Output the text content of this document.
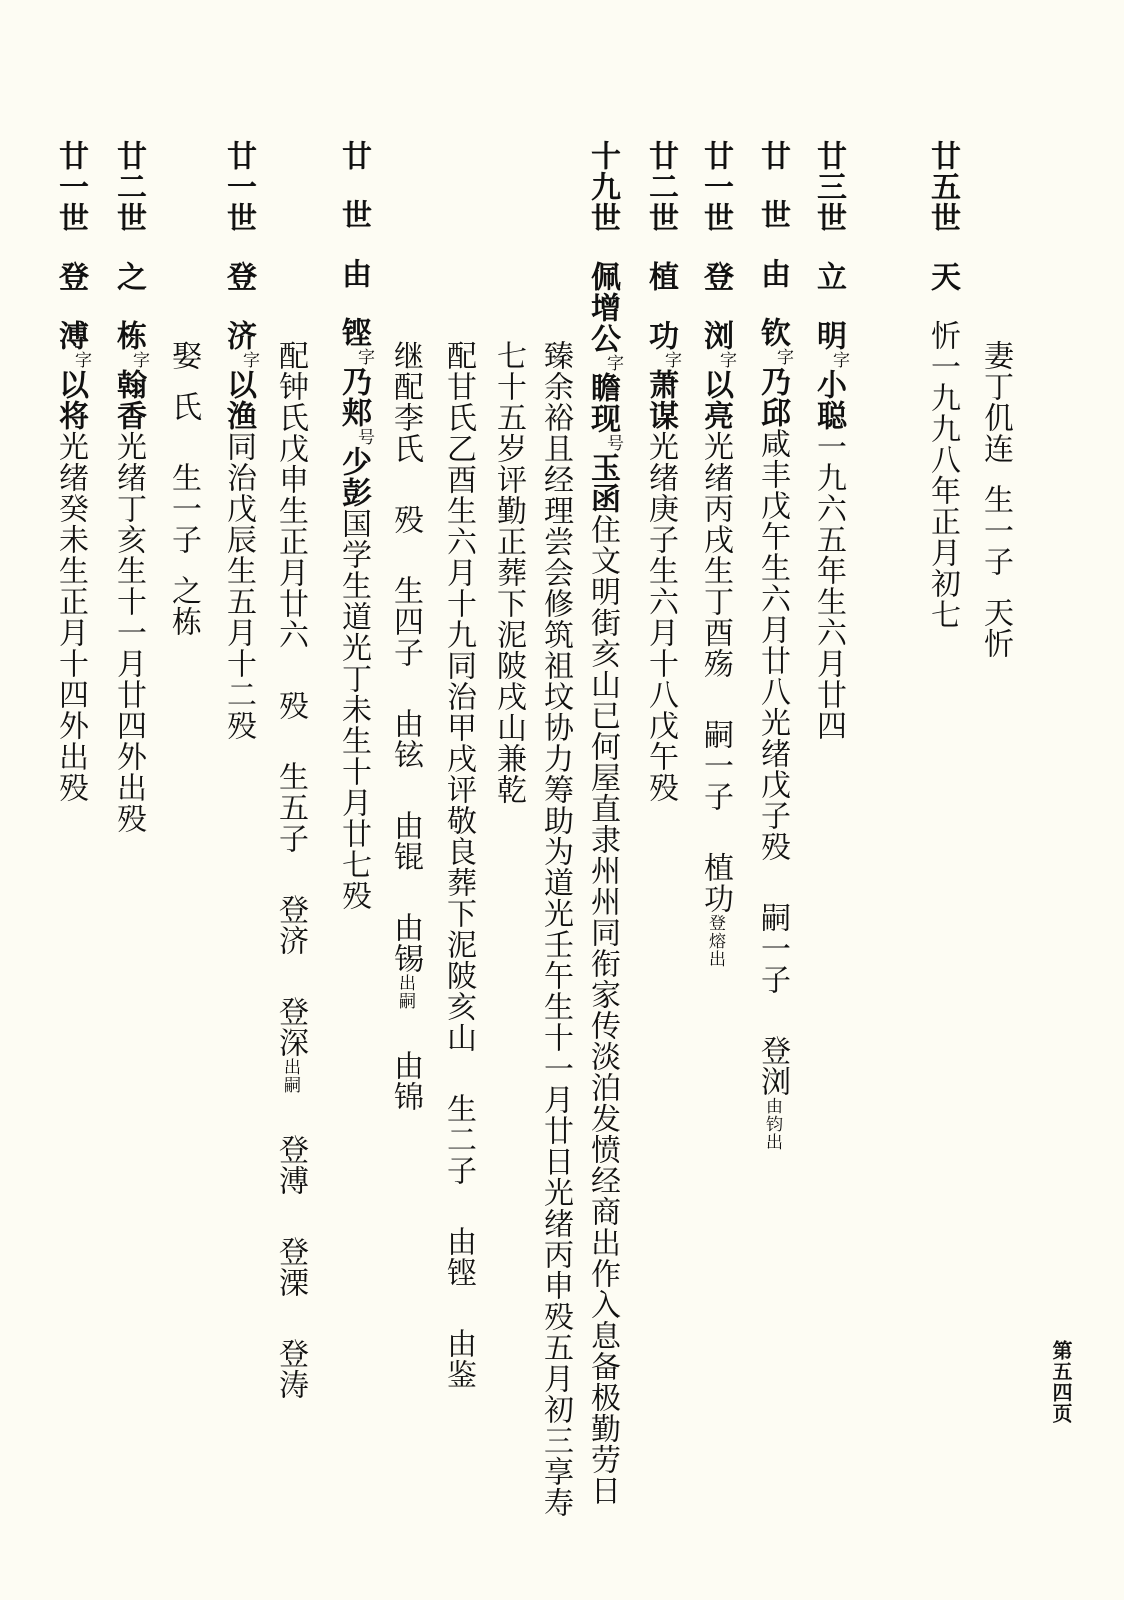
妻丁仉连生一子天忻
廿五世天忻一九九八年正月初七
廿三世立明字小聪一九六五年生六月廿四
廿世由钦字乃邱咸丰戊午生六月廿八光绪戊子殁嗣一子登浏由钧出
廿一世登浏字以亮光绪丙戌生丁酉殇嗣一子植功登熔出
廿二世植功字萧谋光绪庚子生六月十八戊午殁
十九世佩增公字瞻现号玉函住文明街亥山已何屋直隶州州同衔家传淡泊发愤经商出作入息备极勤劳日
臻余裕且经理尝会修筑祖坟协力筹助为道光壬午生十一月廿日光绪丙申殁五月初三享寿
七十五岁评勤正葬下泥陂戌山兼乾
配甘氏乙酉生六月十九同治甲戌评敬良葬下泥陂亥山生二子由铿由鉴
继配李氏殁生四子由铉由锟由锡出嗣由锦
廿世由铿字乃郏号少彭国学生道光丁未生十月廿七殁
配钟氏戊申生正月廿六殁生五子登济登深出嗣登溥登溧登涛
廿一世登济字以渔同治戊辰生五月十二殁
娶氏生一子之栋
廿二世之栋字翰香光绪丁亥生十一月廿四外出殁
廿一世登溥字以将光绪癸未生正月十四外出殁
第五四页
